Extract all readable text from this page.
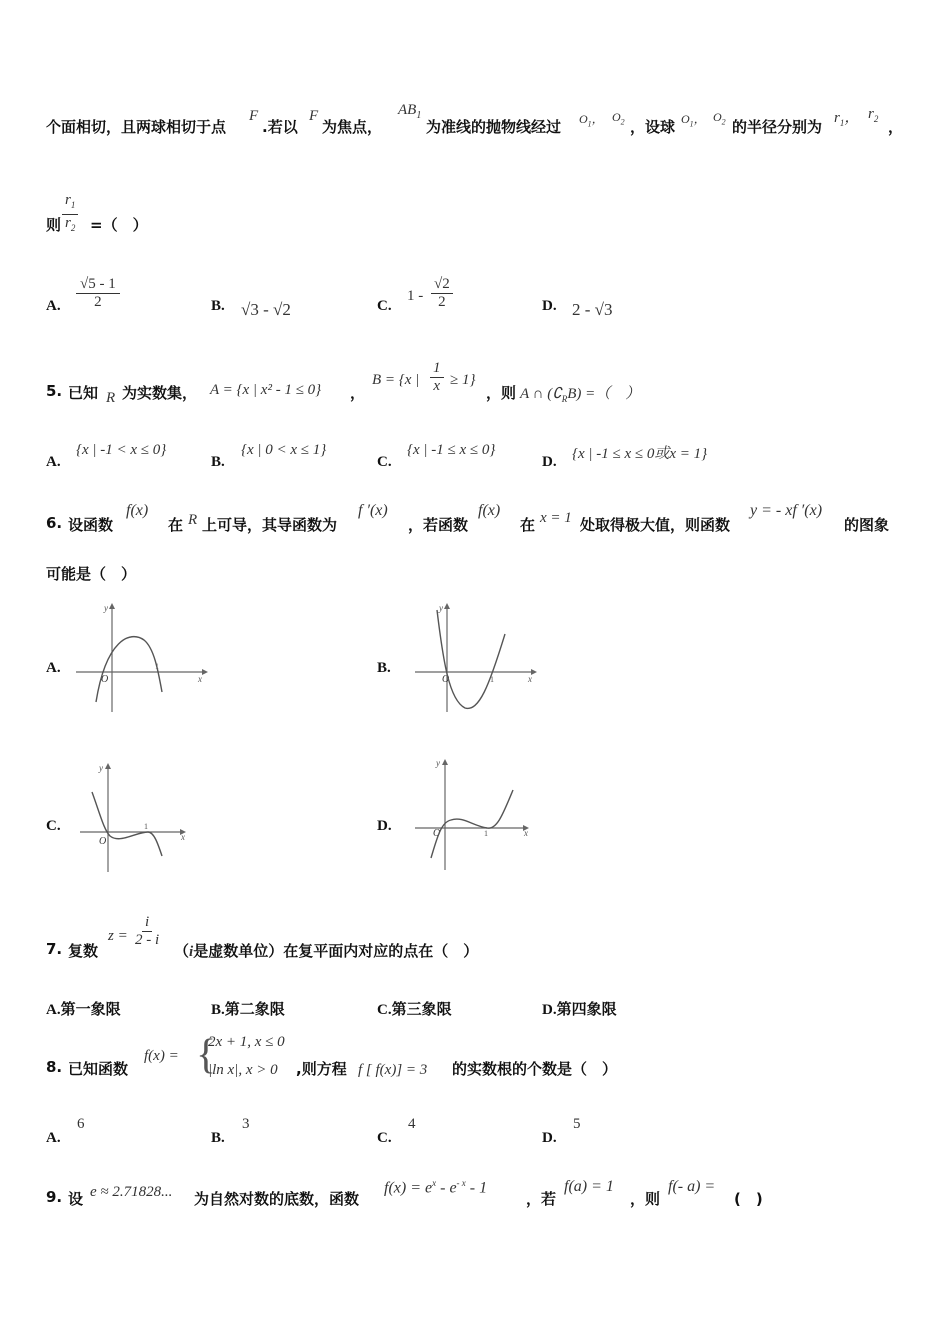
个面相切，且两球相切于点
F
.若以
F
为焦点，
$AB_1$
为准线的抛物线经过 $O_1$， $O_2$ ，设球 $O_1$， $O_2$ 的半径分别为 $r_1$， $r_2$ ，
则 $\frac{r_1}{r_2}$ =（　）
A. $\frac{√5 - 1}{2}$	B. √3 - √2	C.
$1 - \frac{√2}{2}$	D. 2 - √3
5. 已知 R 为实数集， A = {x | x² - 1 ≤ 0} ，
B = {x | $\frac{1}{x} \ge 1$}
，则 A ∩ $(∁_RB)$ =（　）
A.
{x | -1 < x ≤ 0}
B.
{x | 0 < x ≤ 1}
C.
{x | -1 ≤ x ≤ 0}
D. {x | -1 ≤ x ≤ 0或x = 1}
6. 设函数
f(x)
在 R 上可导，其导函数为
f ′(x)
，若函数
f(x)
在 x = 1 处取得极大值，则函数
y = - xf ′(x)
的图象
可能是（　）
A.
x
y
O
1	B.
x
y
O	1
C.
x
y
O
1	D.	x
y
O	1
7. 复数
$z = \frac{i}{2 - i}$
（i是虚数单位）在复平面内对应的点在（　）
A.第一象限	B.第二象限	C.第三象限	D.第四象限
8. 已知函数
f(x) = {
2x + 1, x ≤ 0
|ln x|, x > 0 ,则方程 f [ f(x)] = 3 的实数根的个数是（　）
A.
6
B.
3
C.
4
D.
5
9. 设 e ≈ 2.71828... 为自然对数的底数，函数
$f(x) = e^x - e^{- x} - 1$
，若
f(a) = 1
，则
f(- a) =
(　)
